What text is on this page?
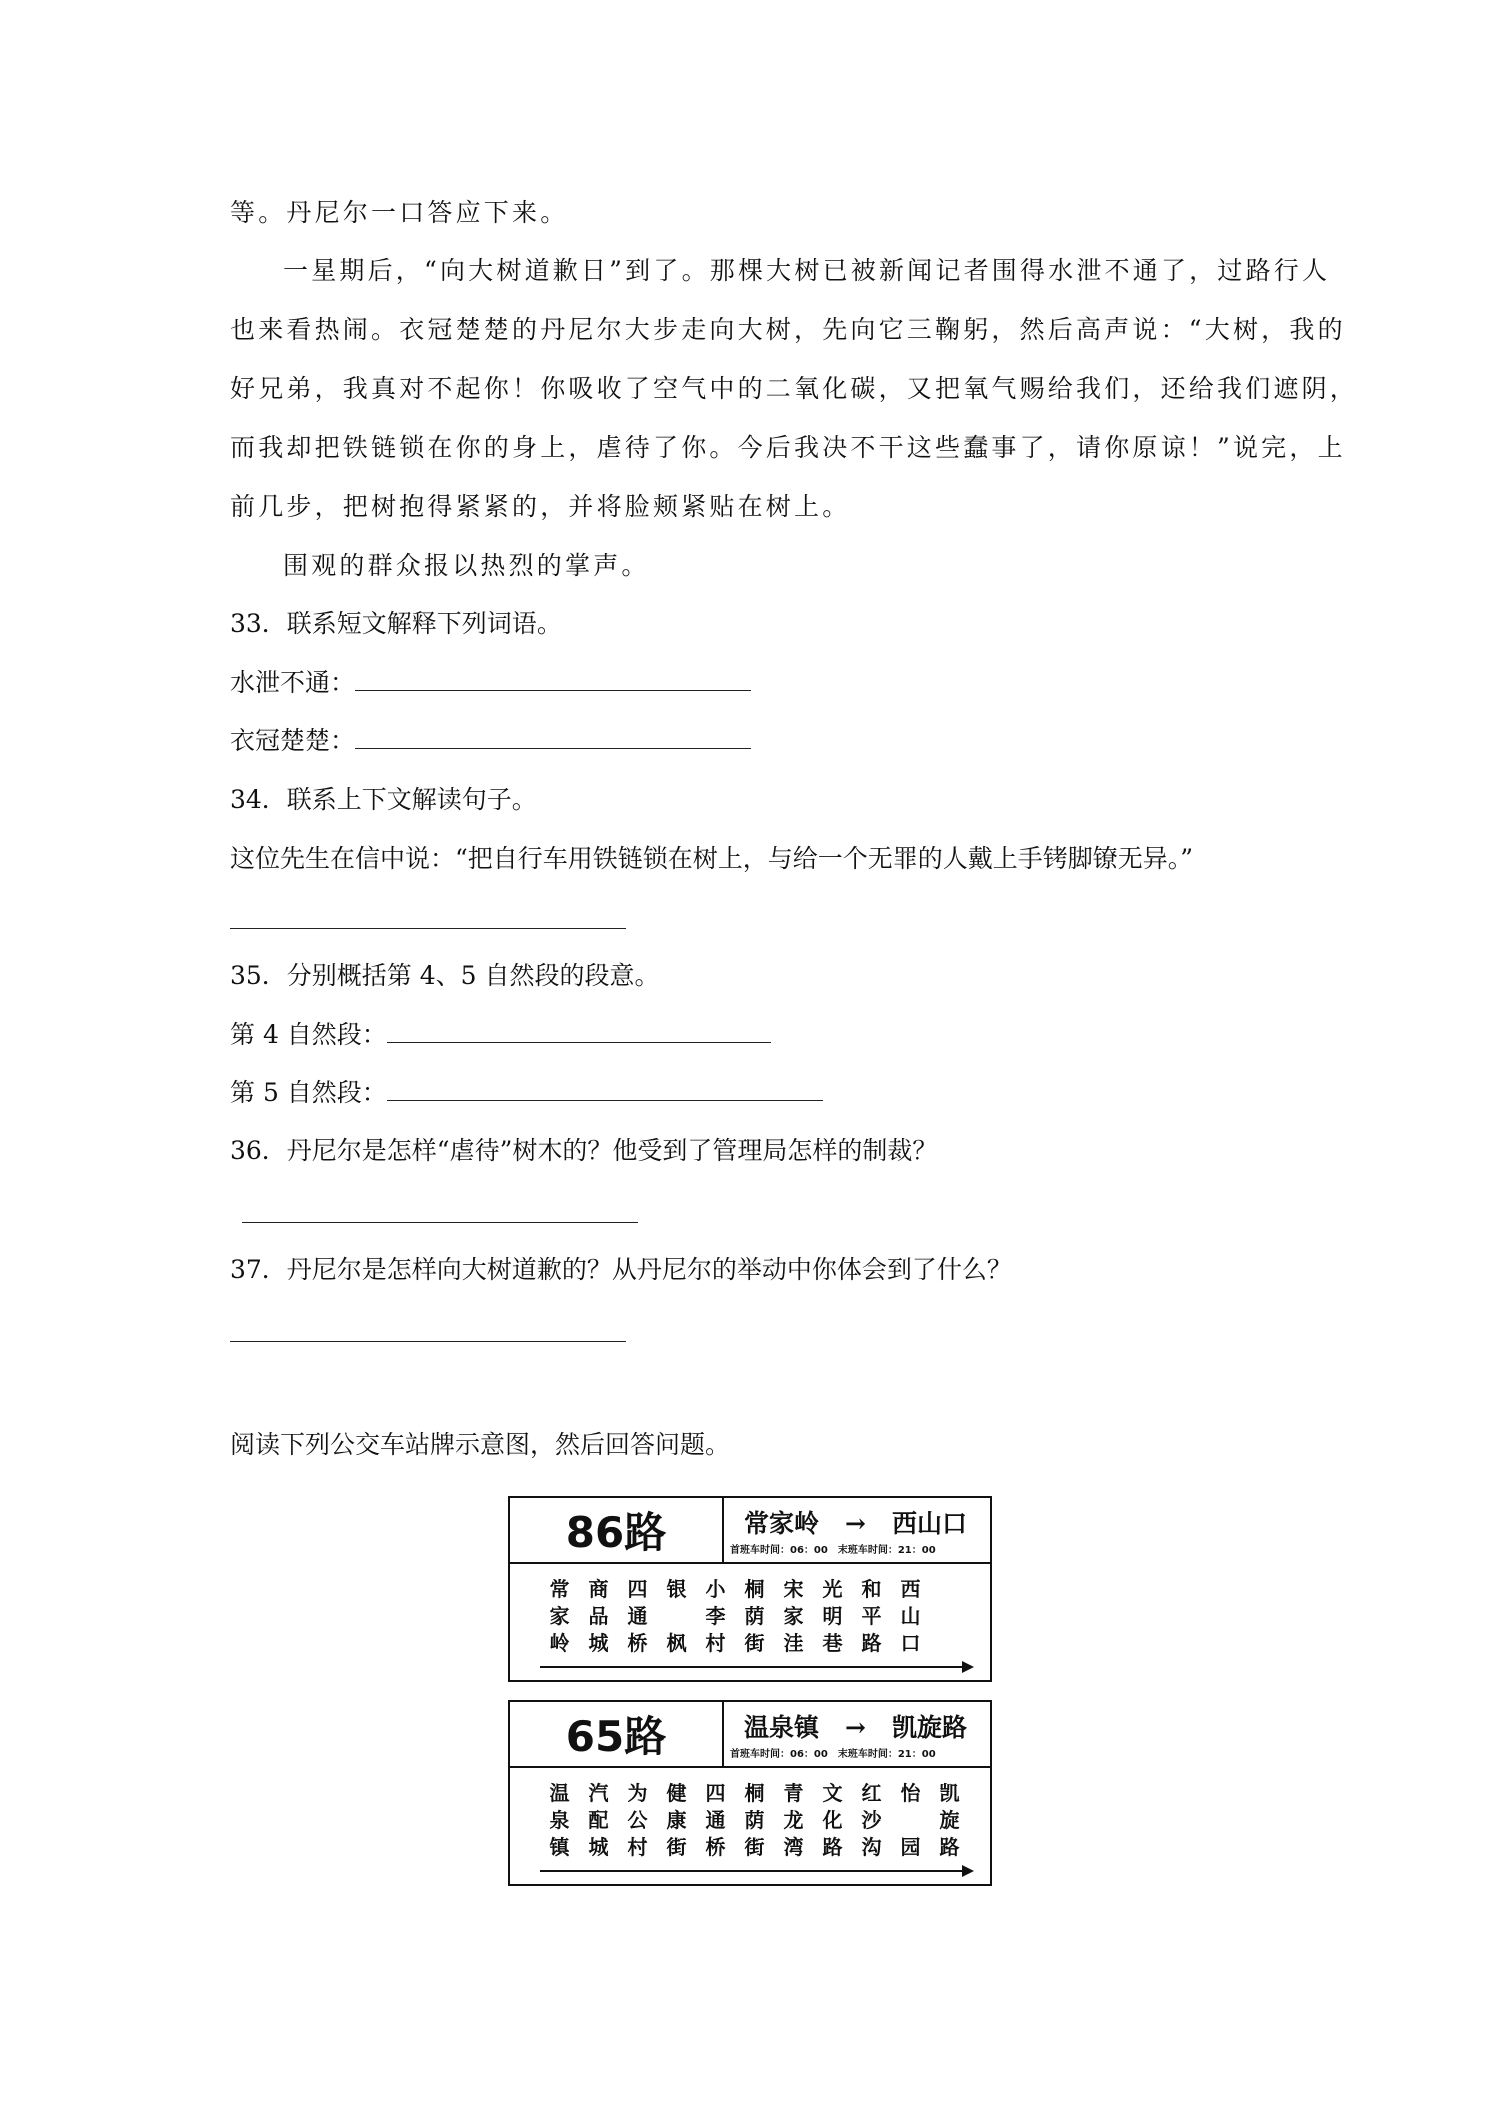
等。丹尼尔一口答应下来。
一星期后，“向大树道歉日”到了。那棵大树已被新闻记者围得水泄不通了，过路行人
也来看热闹。衣冠楚楚的丹尼尔大步走向大树，先向它三鞠躬，然后高声说：“大树，我的
好兄弟，我真对不起你！你吸收了空气中的二氧化碳，又把氧气赐给我们，还给我们遮阴，
而我却把铁链锁在你的身上，虐待了你。今后我决不干这些蠢事了，请你原谅！”说完，上
前几步，把树抱得紧紧的，并将脸颊紧贴在树上。
围观的群众报以热烈的掌声。
33．联系短文解释下列词语。
水泄不通：
衣冠楚楚：
34．联系上下文解读句子。
这位先生在信中说：“把自行车用铁链锁在树上，与给一个无罪的人戴上手铐脚镣无异。”
35．分别概括第 4、5 自然段的段意。
第 4 自然段：
第 5 自然段：
36．丹尼尔是怎样“虐待”树木的？他受到了管理局怎样的制裁？
37．丹尼尔是怎样向大树道歉的？从丹尼尔的举动中你体会到了什么？
阅读下列公交车站牌示意图，然后回答问题。
86路	常家岭 → 西山口
首班车时间：06：00　末班车时间：21：00
常
家
岭
商
品
城
四
通
桥
银
枫
小
李
村
桐
荫
街
宋
家
洼
光
明
巷
和
平
路
西
山
口
65路	温泉镇 → 凯旋路
首班车时间：06：00　末班车时间：21：00
温
泉
镇
汽
配
城
为
公
村
健
康
街
四
通
桥
桐
荫
街
青
龙
湾
文
化
路
红
沙
沟
怡
园
凯
旋
路
